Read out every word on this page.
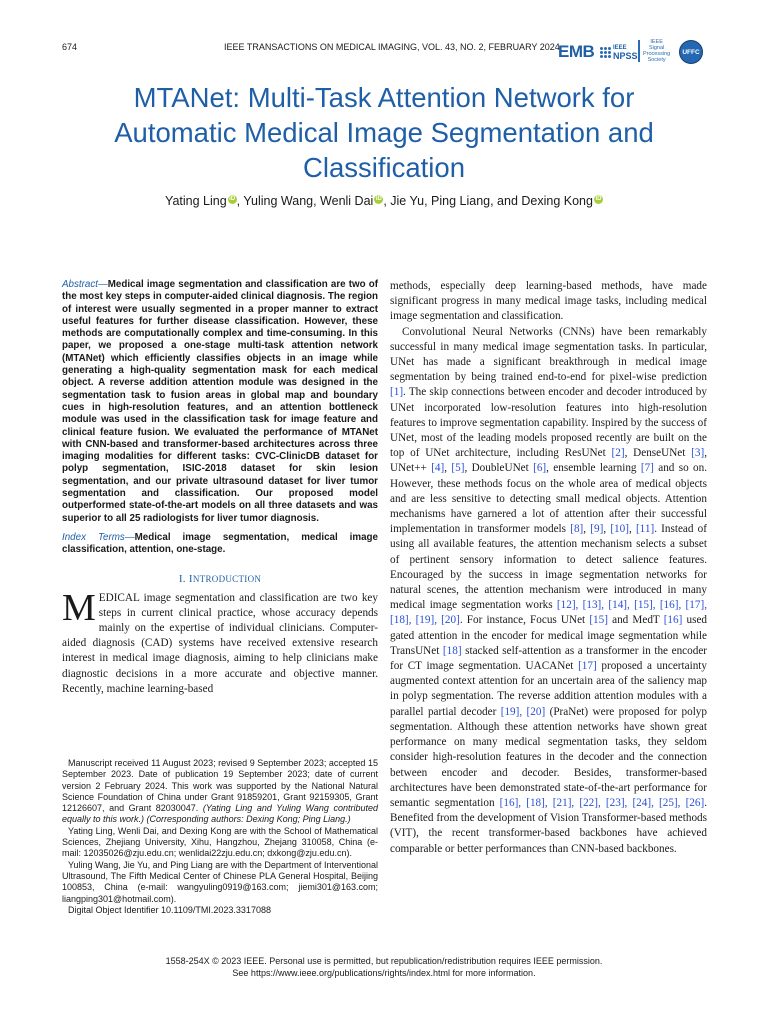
674	IEEE TRANSACTIONS ON MEDICAL IMAGING, VOL. 43, NO. 2, FEBRUARY 2024
EMB	IEEE
NPSS
IEEE
Signal
Processing
Society
UFFC
MTANet: Multi-Task Attention Network for Automatic Medical Image Segmentation and Classification
Yating Ling iD , Yuling Wang, Wenli Dai iD , Jie Yu, Ping Liang, and Dexing Kong iD

Abstract—Medical image segmentation and classification are two of the most key steps in computer-aided clinical diagnosis. The region of interest were usually segmented in a proper manner to extract useful features for further disease classification. However, these methods are computationally complex and time-consuming. In this paper, we proposed a one-stage multi-task attention network (MTANet) which efficiently classifies objects in an image while generating a high-quality segmentation mask for each medical object. A reverse addition attention module was designed in the segmentation task to fusion areas in global map and boundary cues in high-resolution features, and an attention bottleneck module was used in the classification task for image feature and clinical feature fusion. We evaluated the performance of MTANet with CNN-based and transformer-based architectures across three imaging modalities for different tasks: CVC-ClinicDB dataset for polyp segmentation, ISIC-2018 dataset for skin lesion segmentation, and our private ultrasound dataset for liver tumor segmentation and classification. Our proposed model outperformed state-of-the-art models on all three datasets and was superior to all 25 radiologists for liver tumor diagnosis.

Index Terms—Medical image segmentation, medical image classification, attention, one-stage.

I. INTRODUCTION

MEDICAL image segmentation and classification are two key steps in current clinical practice, whose accuracy depends mainly on the expertise of individual clinicians. Computer-aided diagnosis (CAD) systems have received extensive research interest in medical image diagnosis, aiming to help clinicians make diagnostic decisions in a more accurate and objective manner. Recently, machine learning-based

Manuscript received 11 August 2023; revised 9 September 2023; accepted 15 September 2023. Date of publication 19 September 2023; date of current version 2 February 2024. This work was supported by the National Natural Science Foundation of China under Grant 91859201, Grant 92159305, Grant 12126607, and Grant 82030047. (Yating Ling and Yuling Wang contributed equally to this work.) (Corresponding authors: Dexing Kong; Ping Liang.)

Yating Ling, Wenli Dai, and Dexing Kong are with the School of Mathematical Sciences, Zhejiang University, Xihu, Hangzhou, Zhejang 310058, China (e-mail: 12035026@zju.edu.cn; wenlidai22zju.edu.cn; dxkong@zju.edu.cn).

Yuling Wang, Jie Yu, and Ping Liang are with the Department of Interventional Ultrasound, The Fifth Medical Center of Chinese PLA General Hospital, Beijing 100853, China (e-mail: wangyuling0919@163.com; jiemi301@163.com; liangping301@hotmail.com).

Digital Object Identifier 10.1109/TMI.2023.3317088

methods, especially deep learning-based methods, have made significant progress in many medical image tasks, including medical image segmentation and classification.

Convolutional Neural Networks (CNNs) have been remarkably successful in many medical image segmentation tasks. In particular, UNet has made a significant breakthrough in medical image segmentation by being trained end-to-end for pixel-wise prediction [1]. The skip connections between encoder and decoder introduced by UNet incorporated low-resolution features into high-resolution features to improve segmentation capability. Inspired by the success of UNet, most of the leading models proposed recently are built on the top of UNet architecture, including ResUNet [2], DenseUNet [3], UNet++ [4], [5], DoubleUNet [6], ensemble learning [7] and so on. However, these methods focus on the whole area of medical objects and are less sensitive to detecting small medical objects. Attention mechanisms have garnered a lot of attention after their successful implementation in transformer models [8], [9], [10], [11]. Instead of using all available features, the attention mechanism selects a subset of pertinent sensory information to detect salience features. Encouraged by the success in image segmentation networks for natural scenes, the attention mechanism were introduced in many medical image segmentation works [12], [13], [14], [15], [16], [17], [18], [19], [20]. For instance, Focus UNet [15] and MedT [16] used gated attention in the encoder for medical image segmentation while TransUNet [18] stacked self-attention as a transformer in the encoder for CT image segmentation. UACANet [17] proposed a uncertainty augmented context attention for an uncertain area of the saliency map in polyp segmentation. The reverse addition attention modules with a parallel partial decoder [19], [20] (PraNet) were proposed for polyp segmentation. Although these attention networks have shown great performance on many medical segmentation tasks, they seldom consider high-resolution features in the decoder and the connection between encoder and decoder. Besides, transformer-based architectures have been demonstrated state-of-the-art performance for semantic segmentation [16], [18], [21], [22], [23], [24], [25], [26]. Benefited from the development of Vision Transformer-based methods (VIT), the recent transformer-based backbones have achieved comparable or better performances than CNN-based backbones.

1558-254X © 2023 IEEE. Personal use is permitted, but republication/redistribution requires IEEE permission.
See https://www.ieee.org/publications/rights/index.html for more information.
